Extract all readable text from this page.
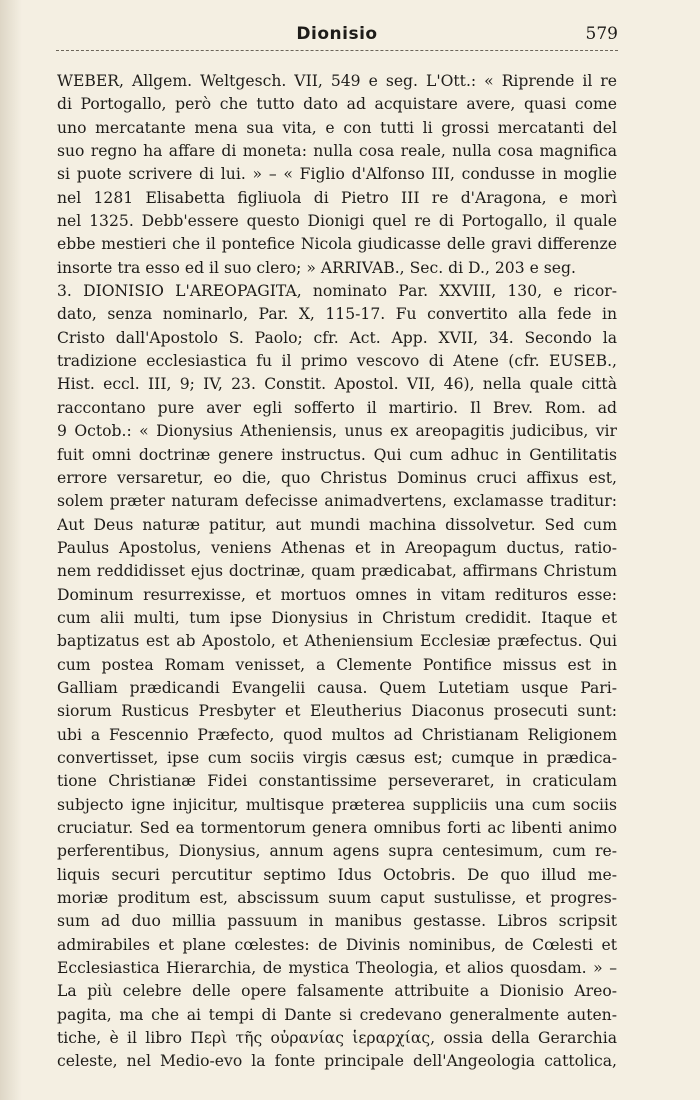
Dionisio	579
WEBER, Allgem. Weltgesch. VII, 549 e seg. L'Ott.: « Riprende il re
di Portogallo, però che tutto dato ad acquistare avere, quasi come
uno mercatante mena sua vita, e con tutti li grossi mercatanti del
suo regno ha affare di moneta: nulla cosa reale, nulla cosa magnifica
si puote scrivere di lui. » – « Figlio d'Alfonso III, condusse in moglie
nel 1281 Elisabetta figliuola di Pietro III re d'Aragona, e morì
nel 1325. Debb'essere questo Dionigi quel re di Portogallo, il quale
ebbe mestieri che il pontefice Nicola giudicasse delle gravi differenze
insorte tra esso ed il suo clero; » ARRIVAB., Sec. di D., 203 e seg.
3. DIONISIO L'AREOPAGITA, nominato Par. XXVIII, 130, e ricor-
dato, senza nominarlo, Par. X, 115-17. Fu convertito alla fede in
Cristo dall'Apostolo S. Paolo; cfr. Act. App. XVII, 34. Secondo la
tradizione ecclesiastica fu il primo vescovo di Atene (cfr. EUSEB.,
Hist. eccl. III, 9; IV, 23. Constit. Apostol. VII, 46), nella quale città
raccontano pure aver egli sofferto il martirio. Il Brev. Rom. ad
9 Octob.: « Dionysius Atheniensis, unus ex areopagitis judicibus, vir
fuit omni doctrinæ genere instructus. Qui cum adhuc in Gentilitatis
errore versaretur, eo die, quo Christus Dominus cruci affixus est,
solem præter naturam defecisse animadvertens, exclamasse traditur:
Aut Deus naturæ patitur, aut mundi machina dissolvetur. Sed cum
Paulus Apostolus, veniens Athenas et in Areopagum ductus, ratio-
nem reddidisset ejus doctrinæ, quam prædicabat, affirmans Christum
Dominum resurrexisse, et mortuos omnes in vitam redituros esse:
cum alii multi, tum ipse Dionysius in Christum credidit. Itaque et
baptizatus est ab Apostolo, et Atheniensium Ecclesiæ præfectus. Qui
cum postea Romam venisset, a Clemente Pontifice missus est in
Galliam prædicandi Evangelii causa. Quem Lutetiam usque Pari-
siorum Rusticus Presbyter et Eleutherius Diaconus prosecuti sunt:
ubi a Fescennio Præfecto, quod multos ad Christianam Religionem
convertisset, ipse cum sociis virgis cæsus est; cumque in prædica-
tione Christianæ Fidei constantissime perseveraret, in craticulam
subjecto igne injicitur, multisque præterea suppliciis una cum sociis
cruciatur. Sed ea tormentorum genera omnibus forti ac libenti animo
perferentibus, Dionysius, annum agens supra centesimum, cum re-
liquis securi percutitur septimo Idus Octobris. De quo illud me-
moriæ proditum est, abscissum suum caput sustulisse, et progres-
sum ad duo millia passuum in manibus gestasse. Libros scripsit
admirabiles et plane cœlestes: de Divinis nominibus, de Cœlesti et
Ecclesiastica Hierarchia, de mystica Theologia, et alios quosdam. » –
La più celebre delle opere falsamente attribuite a Dionisio Areo-
pagita, ma che ai tempi di Dante si credevano generalmente auten-
tiche, è il libro Περὶ τῆς οὐρανίας ἱεραρχίας, ossia della Gerarchia
celeste, nel Medio-evo la fonte principale dell'Angeologia cattolica,
